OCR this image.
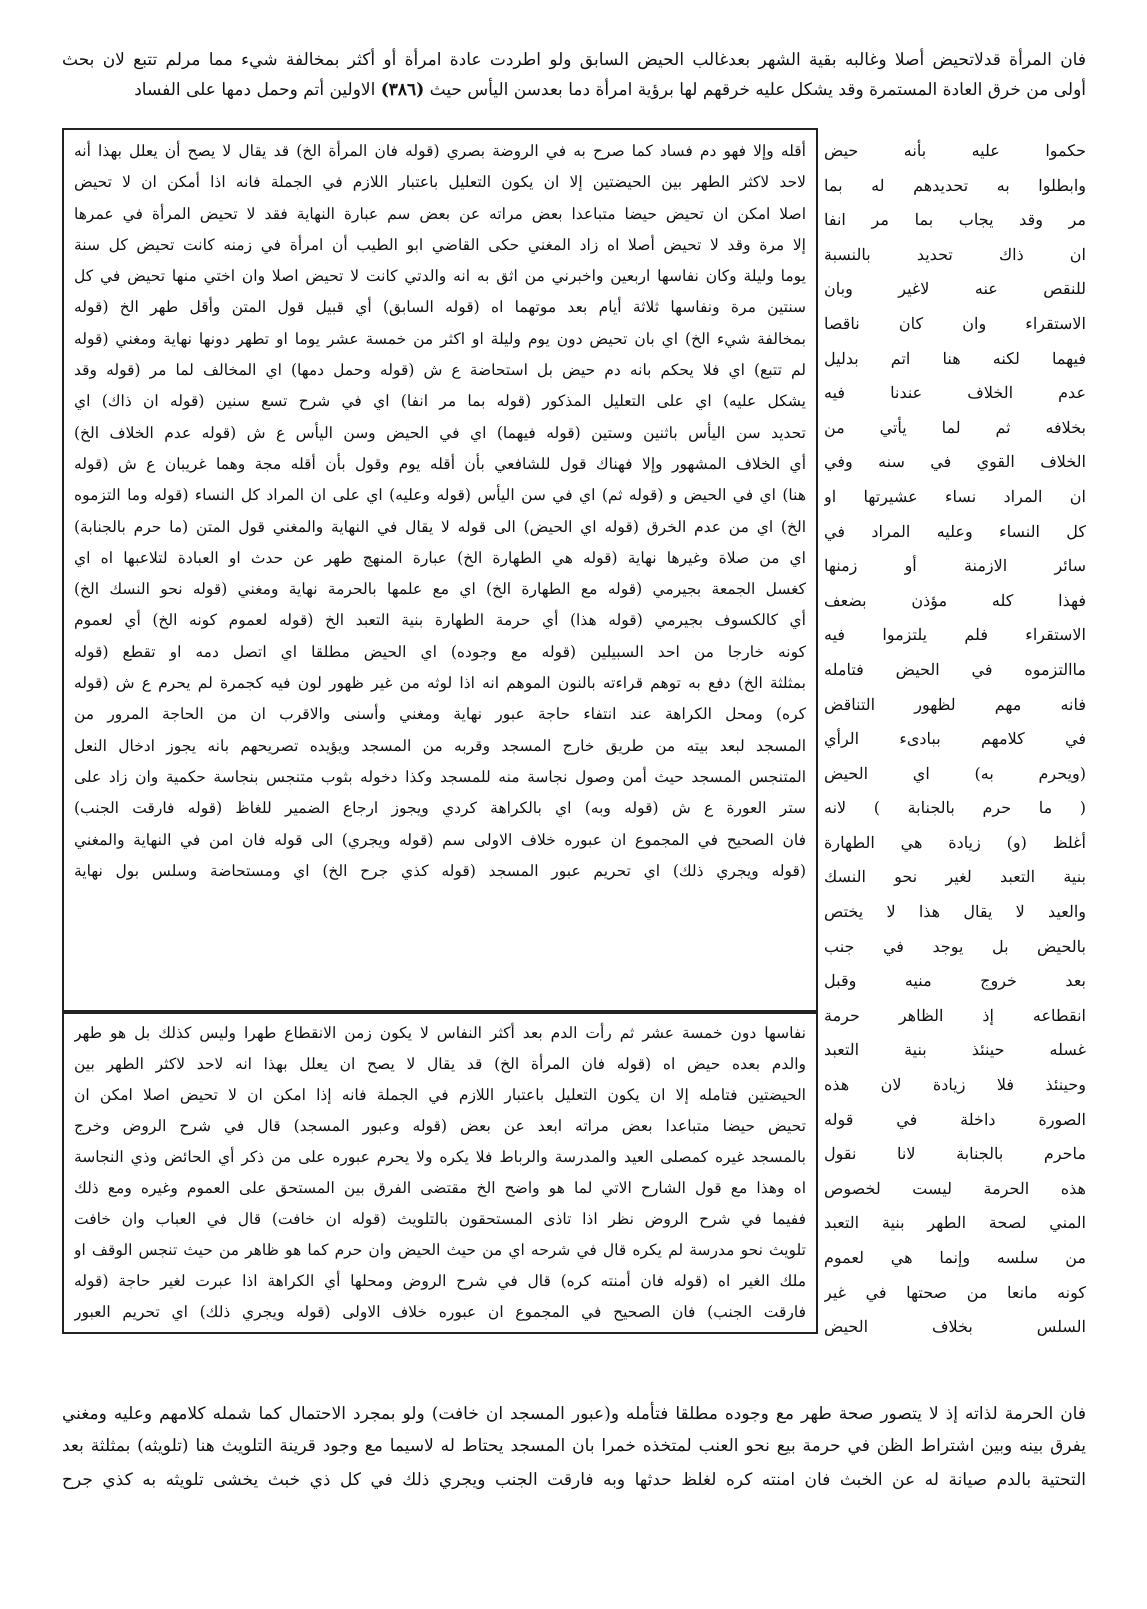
فان المرأة قدلاتحيض أصلا وغالبه بقية الشهر بعدغالب الحيض السابق ولو اطردت عادة امرأة أو أكثر بمخالفة شيء مما مرلم تتبع لان بحث
أولى من خرق العادة المستمرة وقد يشكل عليه خرقهم لها برؤية امرأة دما بعدسن اليأس حيث (٣٨٦) الاولين أتم وحمل دمها على الفساد
حكموا عليه بأنه حيض
وابطلوا به تحديدهم له بما
مر وقد يجاب بما مر انفا
ان ذاك تحديد بالنسبة
للنقص عنه لاغير وبان
الاستقراء وان كان ناقصا
فيهما لكنه هنا اتم بدليل
عدم الخلاف عندنا فيه
بخلافه ثم لما يأتي من
الخلاف القوي في سنه وفي
ان المراد نساء عشيرتها او
كل النساء وعليه المراد في
سائر الازمنة أو زمنها
فهذا كله مؤذن بضعف
الاستقراء فلم يلتزموا فيه
ماالتزموه في الحيض فتامله
فانه مهم لظهور التناقض
في كلامهم ببادىء الرأي
(ويحرم به) اي الحيض
( ما حرم بالجنابة ) لانه
أغلظ (و) زيادة هي الطهارة
بنية التعبد لغير نحو النسك
والعيد لا يقال هذا لا يختص
بالحيض بل يوجد في جنب
بعد خروج منيه وقبل
انقطاعه إذ الظاهر حرمة
غسله حينئذ بنية التعبد
وحينئذ فلا زيادة لان هذه
الصورة داخلة في قوله
ماحرم بالجنابة لانا نقول
هذه الحرمة ليست لخصوص
المني لصحة الطهر بنية التعبد
من سلسه وإنما هي لعموم
كونه مانعا من صحتها في غير
السلس بخلاف الحيض
أقله وإلا فهو دم فساد كما صرح به في الروضة بصري (قوله فان المرأة الخ) قد يقال لا يصح أن يعلل بهذا أنه
لاحد لاكثر الطهر بين الحيضتين إلا ان يكون التعليل باعتبار اللازم في الجملة فانه اذا أمكن ان لا تحيض
اصلا امكن ان تحيض حيضا متباعدا بعض مراته عن بعض سم عبارة النهاية فقد لا تحيض المرأة في عمرها
إلا مرة وقد لا تحيض أصلا اه زاد المغني حكى القاضي ابو الطيب أن امرأة في زمنه كانت تحيض كل سنة
يوما وليلة وكان نفاسها اربعين واخبرني من اثق به انه والدتي كانت لا تحيض اصلا وان اختي منها تحيض في كل
سنتين مرة ونفاسها ثلاثة أيام بعد موتهما اه (قوله السابق) أي قبيل قول المتن وأقل طهر الخ (قوله
بمخالفة شيء الخ) اي بان تحيض دون يوم وليلة او اكثر من خمسة عشر يوما او تطهر دونها نهاية ومغني (قوله
لم تتبع) اي فلا يحكم بانه دم حيض بل استحاضة ع ش (قوله وحمل دمها) اي المخالف لما مر (قوله وقد
يشكل عليه) اي على التعليل المذكور (قوله بما مر انفا) اي في شرح تسع سنين (قوله ان ذاك) اي
تحديد سن اليأس باثنين وستين (قوله فيهما) اي في الحيض وسن اليأس ع ش (قوله عدم الخلاف الخ)
أي الخلاف المشهور وإلا فهناك قول للشافعي بأن أقله يوم وقول بأن أقله مجة وهما غريبان ع ش (قوله
هنا) اي في الحيض و (قوله ثم) اي في سن اليأس (قوله وعليه) اي على ان المراد كل النساء (قوله وما التزموه
الخ) اي من عدم الخرق (قوله اي الحيض) الى قوله لا يقال في النهاية والمغني قول المتن (ما حرم بالجنابة)
اي من صلاة وغيرها نهاية (قوله هي الطهارة الخ) عبارة المنهج طهر عن حدث او العبادة لتلاعبها اه اي
كغسل الجمعة بجيرمي (قوله مع الطهارة الخ) اي مع علمها بالحرمة نهاية ومغني (قوله نحو النسك الخ)
أي كالكسوف بجيرمي (قوله هذا) أي حرمة الطهارة بنية التعبد الخ (قوله لعموم كونه الخ) أي لعموم
كونه خارجا من احد السبيلين (قوله مع وجوده) اي الحيض مطلقا اي اتصل دمه او تقطع (قوله
بمثلثة الخ) دفع به توهم قراءته بالنون الموهم انه اذا لوثه من غير ظهور لون فيه كجمرة لم يحرم ع ش (قوله
كره) ومحل الكراهة عند انتفاء حاجة عبور نهاية ومغني وأسنى والاقرب ان من الحاجة المرور من
المسجد لبعد بيته من طريق خارج المسجد وقربه من المسجد ويؤيده تصريحهم بانه يجوز ادخال النعل
المتنجس المسجد حيث أمن وصول نجاسة منه للمسجد وكذا دخوله بثوب متنجس بنجاسة حكمية وان زاد على
ستر العورة ع ش (قوله وبه) اي بالكراهة كردي ويجوز ارجاع الضمير للغاظ (قوله فارقت الجنب)
فان الصحيح في المجموع ان عبوره خلاف الاولى سم (قوله ويجري) الى قوله فان امن في النهاية والمغني
(قوله ويجري ذلك) اي تحريم عبور المسجد (قوله كذي جرح الخ) اي ومستحاضة وسلس بول نهاية
نفاسها دون خمسة عشر ثم رأت الدم بعد أكثر النفاس لا يكون زمن الانقطاع طهرا وليس كذلك بل هو طهر
والدم بعده حيض اه (قوله فان المرأة الخ) قد يقال لا يصح ان يعلل بهذا انه لاحد لاكثر الطهر بين
الحيضتين فتامله إلا ان يكون التعليل باعتبار اللازم في الجملة فانه إذا امكن ان لا تحيض اصلا امكن ان
تحيض حيضا متباعدا بعض مراته ابعد عن بعض (قوله وعبور المسجد) قال في شرح الروض وخرج
بالمسجد غيره كمصلى العيد والمدرسة والرباط فلا يكره ولا يحرم عبوره على من ذكر أي الحائض وذي النجاسة
اه وهذا مع قول الشارح الاتي لما هو واضح الخ مقتضى الفرق بين المستحق على العموم وغيره ومع ذلك
ففيما في شرح الروض نظر اذا تاذى المستحقون بالتلويث (قوله ان خافت) قال في العباب وان خافت
تلويث نحو مدرسة لم يكره قال في شرحه اي من حيث الحيض وان حرم كما هو ظاهر من حيث تنجس الوقف او
ملك الغير اه (قوله فان أمنته كره) قال في شرح الروض ومحلها أي الكراهة اذا عبرت لغير حاجة (قوله
فارقت الجنب) فان الصحيح في المجموع ان عبوره خلاف الاولى (قوله ويجري ذلك) اي تحريم العبور
فان الحرمة لذاته إذ لا يتصور صحة طهر مع وجوده مطلقا فتأمله و(عبور المسجد ان خافت) ولو بمجرد الاحتمال كما شمله كلامهم وعليه ومغني
يفرق بينه وبين اشتراط الظن في حرمة بيع نحو العنب لمتخذه خمرا بان المسجد يحتاط له لاسيما مع وجود قرينة التلويث هنا (تلويثه) بمثلثة بعد
التحتية بالدم صيانة له عن الخبث فان امنته كره لغلظ حدثها وبه فارقت الجنب ويجري ذلك في كل ذي خبث يخشى تلويثه به كذي جرح
